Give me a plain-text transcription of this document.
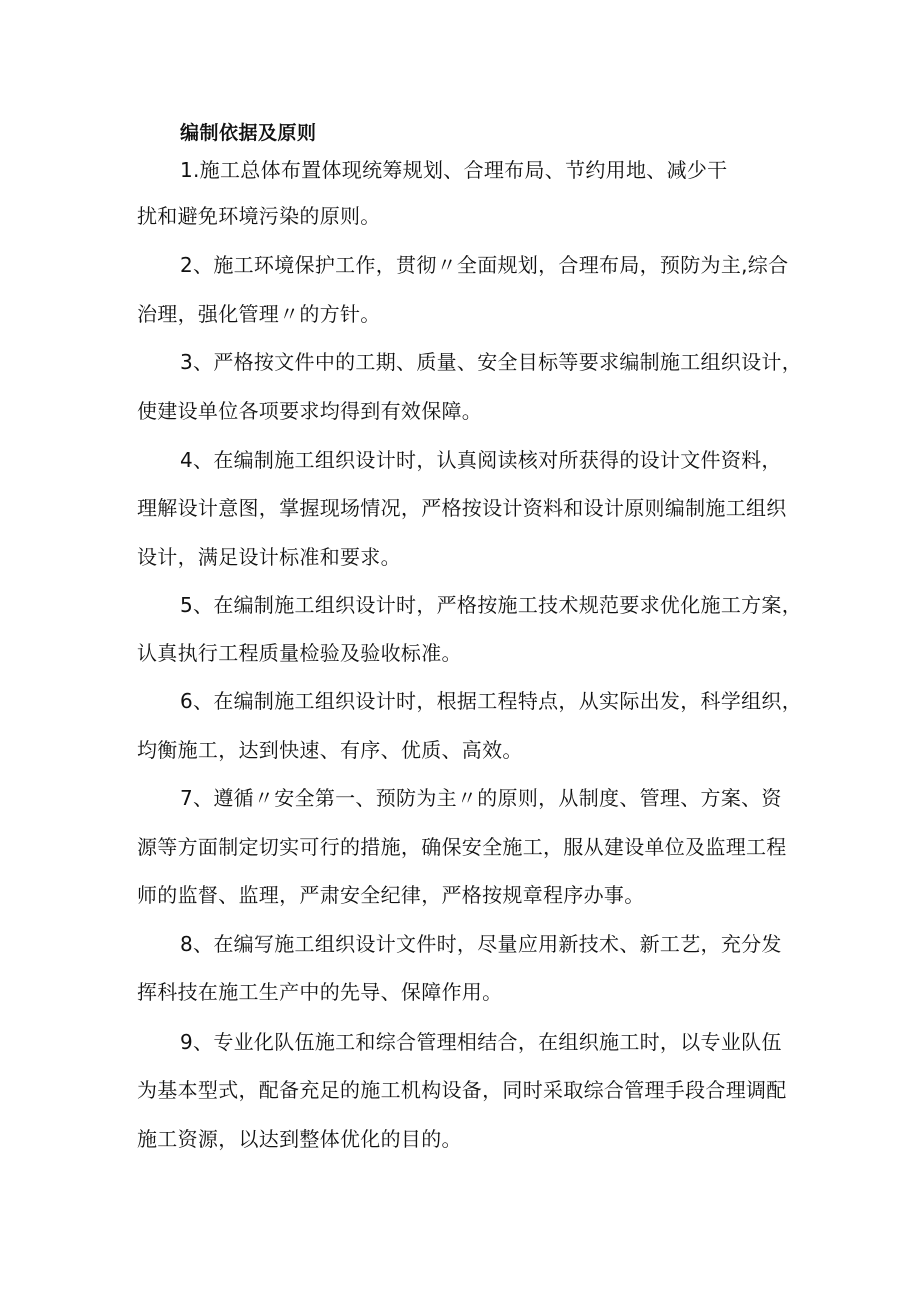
编制依据及原则
1.施工总体布置体现统筹规划、合理布局、节约用地、减少干
扰和避免环境污染的原则。
2、施工环境保护工作，贯彻〃全面规划，合理布局，预防为主,综合
治理，强化管理〃的方针。
3、严格按文件中的工期、质量、安全目标等要求编制施工组织设计，
使建设单位各项要求均得到有效保障。
4、在编制施工组织设计时，认真阅读核对所获得的设计文件资料，
理解设计意图，掌握现场情况，严格按设计资料和设计原则编制施工组织
设计，满足设计标准和要求。
5、在编制施工组织设计时，严格按施工技术规范要求优化施工方案，
认真执行工程质量检验及验收标准。
6、在编制施工组织设计时，根据工程特点，从实际出发，科学组织，
均衡施工，达到快速、有序、优质、高效。
7、遵循〃安全第一、预防为主〃的原则，从制度、管理、方案、资
源等方面制定切实可行的措施，确保安全施工，服从建设单位及监理工程
师的监督、监理，严肃安全纪律，严格按规章程序办事。
8、在编写施工组织设计文件时，尽量应用新技术、新工艺，充分发
挥科技在施工生产中的先导、保障作用。
9、专业化队伍施工和综合管理相结合，在组织施工时，以专业队伍
为基本型式，配备充足的施工机构设备，同时采取综合管理手段合理调配
施工资源，以达到整体优化的目的。
